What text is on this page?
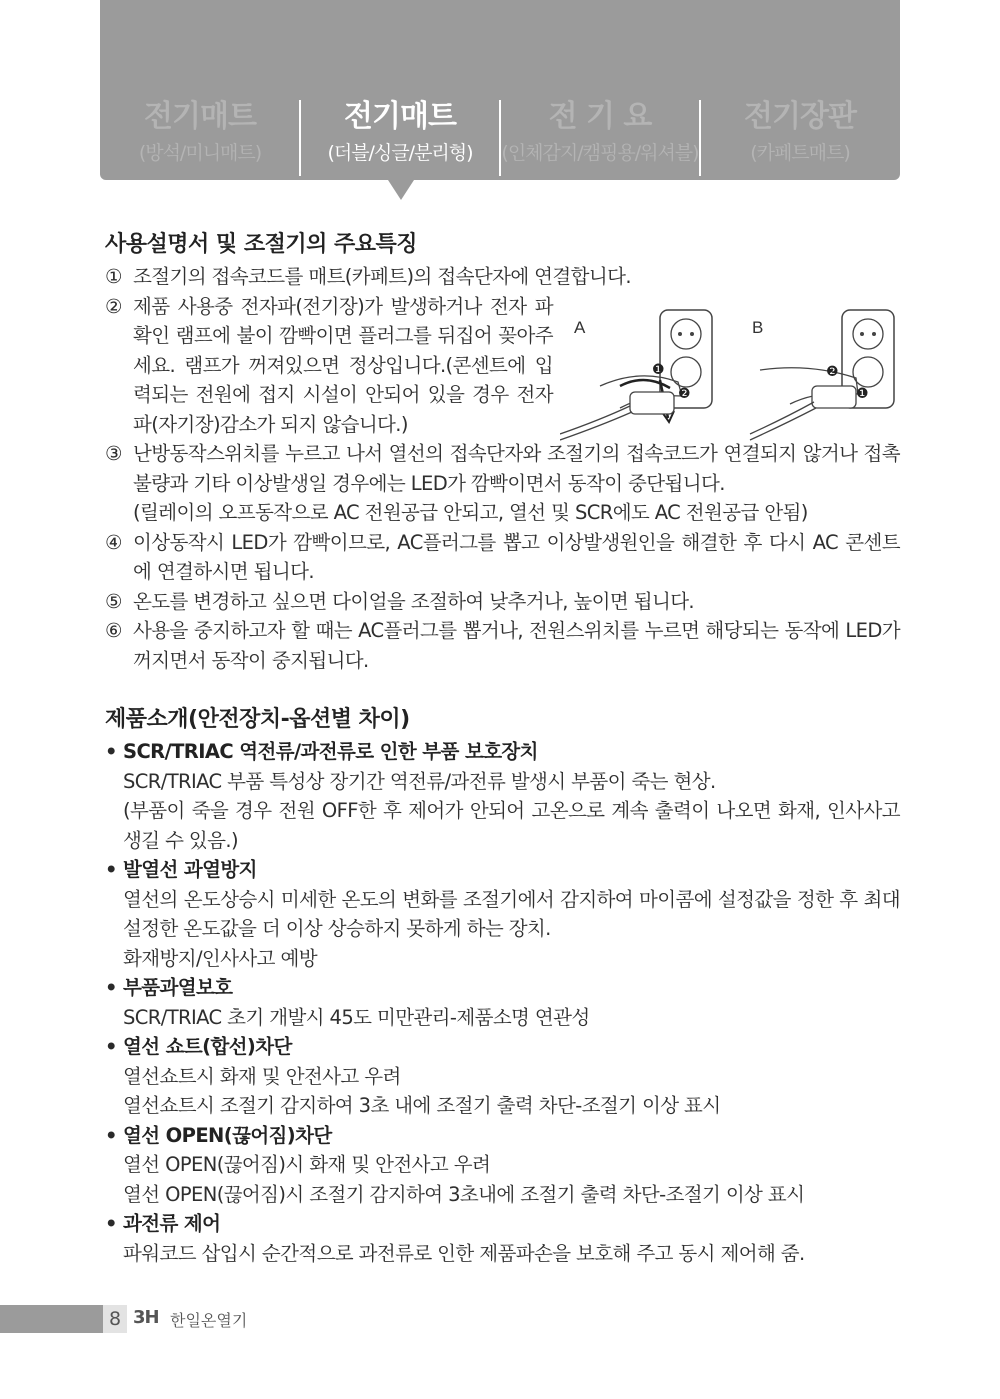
전기매트
(방석/미니매트)
전기매트
(더블/싱글/분리형)
전 기 요
(인체감지/캠핑용/워셔블)
전기장판
(카페트매트)
A	B
❶
❷
❷
❶
사용설명서 및 조절기의 주요특징
① 조절기의 접속코드를 매트(카페트)의 접속단자에 연결합니다.

② 제품 사용중 전자파(전기장)가 발생하거나 전자 파확인 램프에 불이 깜빡이면 플러그를 뒤집어 꽂아주세요. 램프가 꺼져있으면 정상입니다.(콘센트에 입력되는 전원에 접지 시설이 안되어 있을 경우 전자파(자기장)감소가 되지 않습니다.)

③ 난방동작스위치를 누르고 나서 열선의 접속단자와 조절기의 접속코드가 연결되지 않거나 접촉불량과 기타 이상발생일 경우에는 LED가 깜빡이면서 동작이 중단됩니다.

(릴레이의 오프동작으로 AC 전원공급 안되고, 열선 및 SCR에도 AC 전원공급 안됨)

④ 이상동작시 LED가 깜빡이므로, AC플러그를 뽑고 이상발생원인을 해결한 후 다시 AC 콘센트에 연결하시면 됩니다.

⑤ 온도를 변경하고 싶으면 다이얼을 조절하여 낮추거나, 높이면 됩니다.

⑥ 사용을 중지하고자 할 때는 AC플러그를 뽑거나, 전원스위치를 누르면 해당되는 동작에 LED가 꺼지면서 동작이 중지됩니다.

제품소개(안전장치-옵션별 차이)
• SCR/TRIAC 역전류/과전류로 인한 부품 보호장치

SCR/TRIAC 부품 특성상 장기간 역전류/과전류 발생시 부품이 죽는 현상.

(부품이 죽을 경우 전원 OFF한 후 제어가 안되어 고온으로 계속 출력이 나오면 화재, 인사사고 생길 수 있음.)

• 발열선 과열방지

열선의 온도상승시 미세한 온도의 변화를 조절기에서 감지하여 마이콤에 설정값을 정한 후 최대 설정한 온도값을 더 이상 상승하지 못하게 하는 장치.

화재방지/인사사고 예방

• 부품과열보호

SCR/TRIAC 초기 개발시 45도 미만관리-제품소명 연관성

• 열선 쇼트(합선)차단

열선쇼트시 화재 및 안전사고 우려

열선쇼트시 조절기 감지하여 3초 내에 조절기 출력 차단-조절기 이상 표시

• 열선 OPEN(끊어짐)차단

열선 OPEN(끊어짐)시 화재 및 안전사고 우려

열선 OPEN(끊어짐)시 조절기 감지하여 3초내에 조절기 출력 차단-조절기 이상 표시

• 과전류 제어

파워코드 삽입시 순간적으로 과전류로 인한 제품파손을 보호해 주고 동시 제어해 줌.

8 3H 한일온열기
